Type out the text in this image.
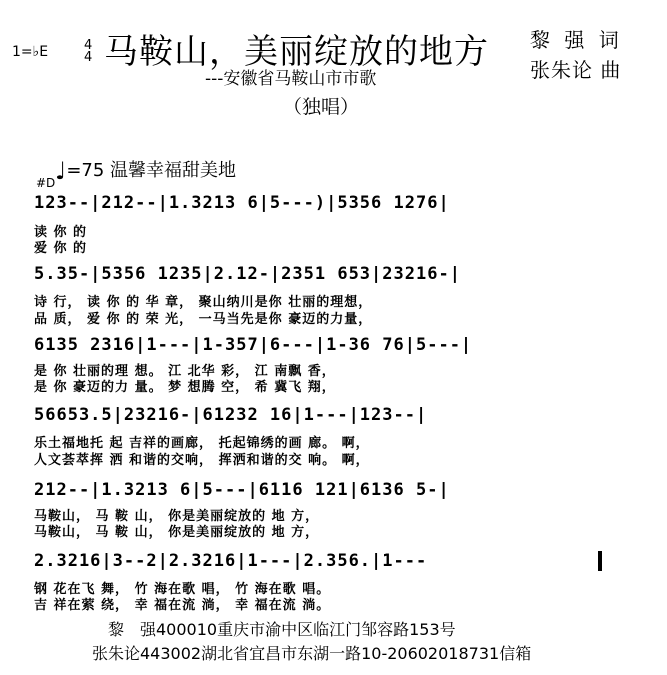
1=♭E	4
4 马鞍山，美丽绽放的地方
---安徽省马鞍山市市歌
（独唱）
黎 强 词
张朱论 曲
♩=75 温馨幸福甜美地
#D
123--|212--|1.3213 6|5---)|5356 1276|
读 你 的
爱 你 的
5.35-|5356 1235|2.12-|2351 653|23216-|
诗 行， 读 你 的 华 章， 聚山纳川是你 壮丽的理想，
品 质， 爱 你 的 荣 光， 一马当先是你 豪迈的力量，
6135 2316|1---|1-357|6---|1-36 76|5---|
是 你 壮丽的理 想。 江 北华 彩， 江 南飘 香，
是 你 豪迈的力 量。 梦 想腾 空， 希 冀飞 翔，
56653.5|23216-|61232 16|1---|123--|
乐土福地托 起 吉祥的画廊， 托起锦绣的画 廊。 啊，
人文荟萃挥 洒 和谐的交响， 挥洒和谐的交 响。 啊，
212--|1.3213 6|5---|6116 121|6136 5-|
马鞍山， 马 鞍 山， 你是美丽绽放的 地 方，
马鞍山， 马 鞍 山， 你是美丽绽放的 地 方，
2.3216|3--2|2.3216|1---|2.356.|1---
钢 花在飞 舞， 竹 海在歌 唱， 竹 海在歌 唱。
吉 祥在萦 绕， 幸 福在流 淌， 幸 福在流 淌。
黎　强400010重庆市渝中区临江门邹容路153号
张朱论443002湖北省宜昌市东湖一路10-20602018731信箱
